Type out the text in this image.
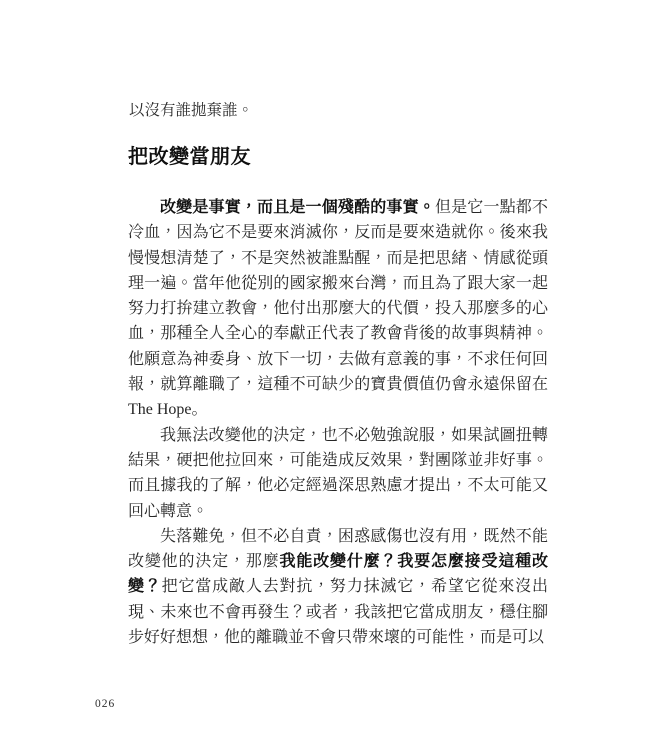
以沒有誰拋棄誰。

把改變當朋友

改變是事實，而且是一個殘酷的事實。但是它一點都不冷血，因為它不是要來消滅你，反而是要來造就你。後來我慢慢想清楚了，不是突然被誰點醒，而是把思緒、情感從頭理一遍。當年他從別的國家搬來台灣，而且為了跟大家一起努力打拚建立教會，他付出那麼大的代價，投入那麼多的心血，那種全人全心的奉獻正代表了教會背後的故事與精神。他願意為神委身、放下一切，去做有意義的事，不求任何回報，就算離職了，這種不可缺少的寶貴價值仍會永遠保留在The Hope。

我無法改變他的決定，也不必勉強說服，如果試圖扭轉結果，硬把他拉回來，可能造成反效果，對團隊並非好事。而且據我的了解，他必定經過深思熟慮才提出，不太可能又回心轉意。

失落難免，但不必自責，困惑感傷也沒有用，既然不能改變他的決定，那麼我能改變什麼？我要怎麼接受這種改變？把它當成敵人去對抗，努力抹滅它，希望它從來沒出現、未來也不會再發生？或者，我該把它當成朋友，穩住腳步好好想想，他的離職並不會只帶來壞的可能性，而是可以

026
